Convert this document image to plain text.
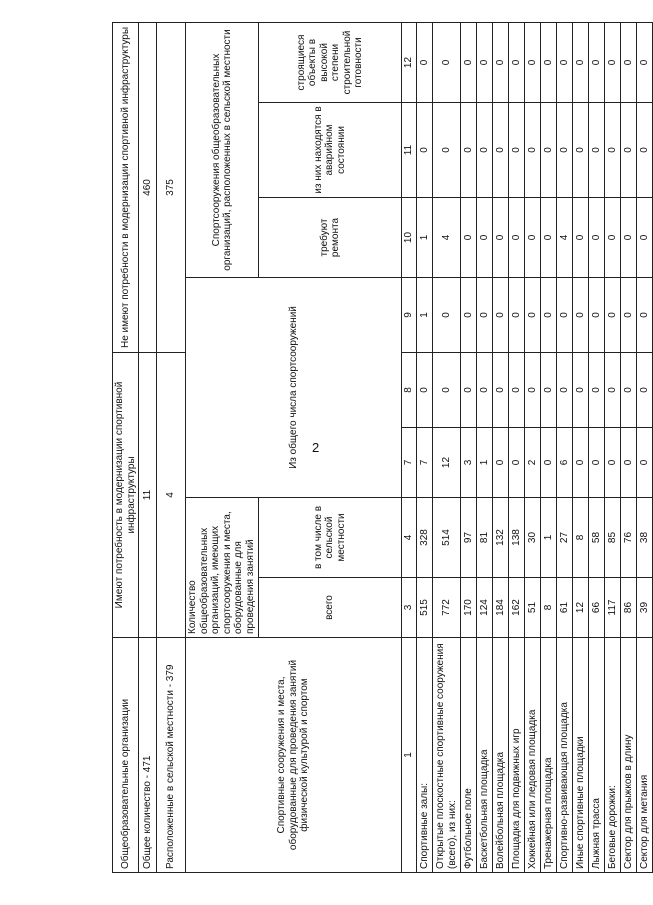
2
Общеобразовательные организации	Имеют потребность в модернизации спортивной инфраструктуры				Не имеют потребности в модернизации спортивной инфраструктуры			
Общее количество - 471	11				460			
Расположенные в сельской местности - 379	4				375			
Спортивные сооружения и места, оборудованные для проведения занятий физической культурой и спортом	Количество общеобразовательных организаций, имеющих спортсооружения и места, оборудованные для проведения занятий		Из общего числа спортсооружений			Спортсооружения общеобразовательных организаций, расположенных в сельской местности		
	всего	в том числе в сельской местности				требуют ремонта	из них находятся в аварийном состоянии	строящиеся объекты в высокой степени строительной готовности
1	3	4	7	8	9	10	11	12
Спортивные залы:	515	328	7	0	1	1	0	0
Открытые плоскостные спортивные сооружения (всего), из них:	772	514	12	0	0	4	0	0
Футбольное поле	170	97	3	0	0	0	0	0
Баскетбольная площадка	124	81	1	0	0	0	0	0
Волейбольная площадка	184	132	0	0	0	0	0	0
Площадка для подвижных игр	162	138	0	0	0	0	0	0
Хоккейная или ледовая площадка	51	30	2	0	0	0	0	0
Тренажерная площадка	8	1	0	0	0	0	0	0
Спортивно-развивающая площадка	61	27	6	0	0	4	0	0
Иные спортивные площадки	12	8	0	0	0	0	0	0
Лыжная трасса	66	58	0	0	0	0	0	0
Беговые дорожки:	117	85	0	0	0	0	0	0
Сектор для прыжков в длину	86	76	0	0	0	0	0	0
Сектор для метания	39	38	0	0	0	0	0	0
